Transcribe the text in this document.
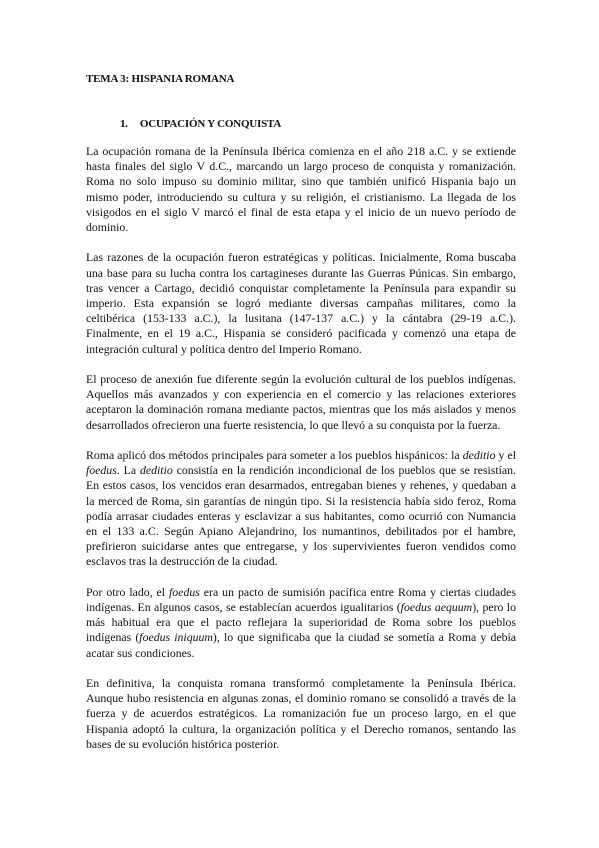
TEMA 3: HISPANIA ROMANA
1. OCUPACIÓN Y CONQUISTA

La ocupación romana de la Península Ibérica comienza en el año 218 a.C. y se extiende hasta finales del siglo V d.C., marcando un largo proceso de conquista y romanización. Roma no solo impuso su dominio militar, sino que también unificó Hispania bajo un mismo poder, introduciendo su cultura y su religión, el cristianismo. La llegada de los visigodos en el siglo V marcó el final de esta etapa y el inicio de un nuevo período de dominio.

Las razones de la ocupación fueron estratégicas y políticas. Inicialmente, Roma buscaba una base para su lucha contra los cartagineses durante las Guerras Púnicas. Sin embargo, tras vencer a Cartago, decidió conquistar completamente la Península para expandir su imperio. Esta expansión se logró mediante diversas campañas militares, como la celtibérica (153-133 a.C.), la lusitana (147-137 a.C.) y la cántabra (29-19 a.C.). Finalmente, en el 19 a.C., Hispania se consideró pacificada y comenzó una etapa de integración cultural y política dentro del Imperio Romano.

El proceso de anexión fue diferente según la evolución cultural de los pueblos indígenas. Aquellos más avanzados y con experiencia en el comercio y las relaciones exteriores aceptaron la dominación romana mediante pactos, mientras que los más aislados y menos desarrollados ofrecieron una fuerte resistencia, lo que llevó a su conquista por la fuerza.

Roma aplicó dos métodos principales para someter a los pueblos hispánicos: la deditio y el foedus. La deditio consistía en la rendición incondicional de los pueblos que se resistían. En estos casos, los vencidos eran desarmados, entregaban bienes y rehenes, y quedaban a la merced de Roma, sin garantías de ningún tipo. Si la resistencia había sido feroz, Roma podía arrasar ciudades enteras y esclavizar a sus habitantes, como ocurrió con Numancia en el 133 a.C. Según Apiano Alejandrino, los numantinos, debilitados por el hambre, prefirieron suicidarse antes que entregarse, y los supervivientes fueron vendidos como esclavos tras la destrucción de la ciudad.

Por otro lado, el foedus era un pacto de sumisión pacífica entre Roma y ciertas ciudades indígenas. En algunos casos, se establecían acuerdos igualitarios (foedus aequum), pero lo más habitual era que el pacto reflejara la superioridad de Roma sobre los pueblos indígenas (foedus iniquum), lo que significaba que la ciudad se sometía a Roma y debía acatar sus condiciones.

En definitiva, la conquista romana transformó completamente la Península Ibérica. Aunque hubo resistencia en algunas zonas, el dominio romano se consolidó a través de la fuerza y de acuerdos estratégicos. La romanización fue un proceso largo, en el que Hispania adoptó la cultura, la organización política y el Derecho romanos, sentando las bases de su evolución histórica posterior.
